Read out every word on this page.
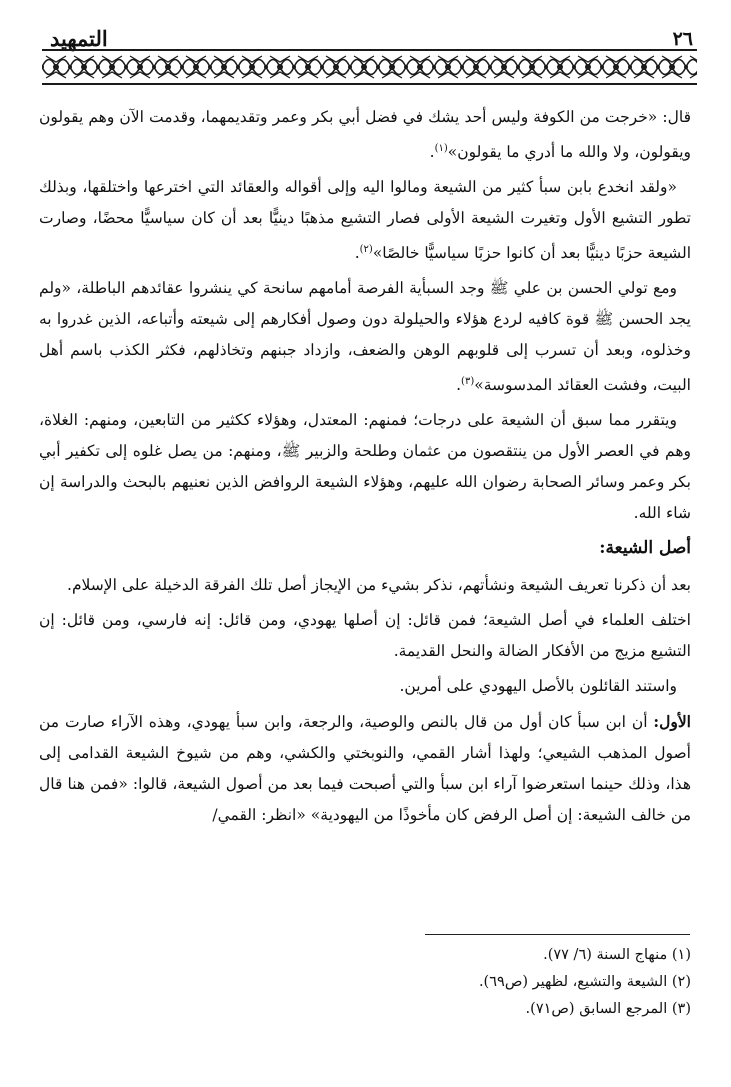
٢٦
التمهيد

قال: «خرجت من الكوفة وليس أحد يشك في فضل أبي بكر وعمر وتقديمهما، وقدمت الآن وهم يقولون ويقولون، ولا والله ما أدري ما يقولون»$^{(١)}$.

«ولقد انخدع بابن سبأ كثير من الشيعة ومالوا اليه وإلى أقواله والعقائد التي اخترعها واختلقها، وبذلك تطور التشيع الأول وتغيرت الشيعة الأولى فصار التشيع مذهبًا دينيًّا بعد أن كان سياسيًّا محضًا، وصارت الشيعة حزبًا دينيًّا بعد أن كانوا حزبًا سياسيًّا خالصًا»$^{(٢)}$.

ومع تولي الحسن بن علي ﷺ وجد السبأية الفرصة أمامهم سانحة كي ينشروا عقائدهم الباطلة، «ولم يجد الحسن ﷺ قوة كافيه لردع هؤلاء والحيلولة دون وصول أفكارهم إلى شيعته وأتباعه، الذين غدروا به وخذلوه، وبعد أن تسرب إلى قلوبهم الوهن والضعف، وازداد جبنهم وتخاذلهم، فكثر الكذب باسم أهل البيت، وفشت العقائد المدسوسة»$^{(٣)}$.

ويتقرر مما سبق أن الشيعة على درجات؛ فمنهم: المعتدل، وهؤلاء ككثير من التابعين، ومنهم: الغلاة، وهم في العصر الأول من ينتقصون من عثمان وطلحة والزبير ﷺ، ومنهم: من يصل غلوه إلى تكفير أبي بكر وعمر وسائر الصحابة رضوان الله عليهم، وهؤلاء الشيعة الروافض الذين نعنيهم بالبحث والدراسة إن شاء الله.

أصل الشيعة:

بعد أن ذكرنا تعريف الشيعة ونشأتهم، نذكر بشيء من الإيجاز أصل تلك الفرقة الدخيلة على الإسلام.

اختلف العلماء في أصل الشيعة؛ فمن قائل: إن أصلها يهودي، ومن قائل: إنه فارسي، ومن قائل: إن التشيع مزيج من الأفكار الضالة والنحل القديمة.

واستند القائلون بالأصل اليهودي على أمرين.

الأول: أن ابن سبأ كان أول من قال بالنص والوصية، والرجعة، وابن سبأ يهودي، وهذه الآراء صارت من أصول المذهب الشيعي؛ ولهذا أشار القمي، والنوبختي والكشي، وهم من شيوخ الشيعة القدامى إلى هذا، وذلك حينما استعرضوا آراء ابن سبأ والتي أصبحت فيما بعد من أصول الشيعة، قالوا: «فمن هنا قال من خالف الشيعة: إن أصل الرفض كان مأخوذًا من اليهودية» «انظر: القمي/

(١) منهاج السنة (٦/ ٧٧).
(٢) الشيعة والتشيع، لظهير (ص٦٩).
(٣) المرجع السابق (ص٧١).
